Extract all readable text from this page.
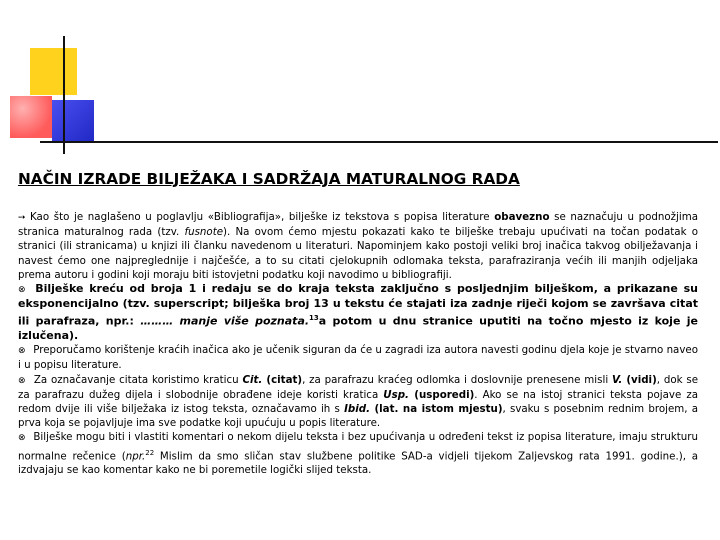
NAČIN IZRADE BILJEŽAKA I SADRŽAJA MATURALNOG RADA

➙ Kao što je naglašeno u poglavlju «Bibliografija», bilješke iz tekstova s popisa literature obavezno se naznačuju u podnožjima stranica maturalnog rada (tzv. fusnote). Na ovom ćemo mjestu pokazati kako te bilješke trebaju upućivati na točan podatak o stranici (ili stranicama) u knjizi ili članku navedenom u literaturi. Napominjem kako postoji veliki broj inačica takvog obilježavanja i navest ćemo one najpreglednije i najčešće, a to su citati cjelokupnih odlomaka teksta, parafraziranja većih ili manjih odjeljaka prema autoru i godini koji moraju biti istovjetni podatku koji navodimo u bibliografiji.

⊗ Bilješke kreću od broja 1 i redaju se do kraja teksta zaključno s posljednjim bilješkom, a prikazane su eksponencijalno (tzv. superscript; bilješka broj 13 u tekstu će stajati iza zadnje riječi kojom se završava citat ili parafraza, npr.: ……… manje više poznata.$^{13}$a potom u dnu stranice uputiti na točno mjesto iz koje je izlučena).

⊗ Preporučamo korištenje kraćih inačica ako je učenik siguran da će u zagradi iza autora navesti godinu djela koje je stvarno naveo i u popisu literature.

⊗ Za označavanje citata koristimo kraticu Cit. (citat), za parafrazu kraćeg odlomka i doslovnije prenesene misli V. (vidi), dok se za parafrazu dužeg dijela i slobodnije obrađene ideje koristi kratica Usp. (usporedi). Ako se na istoj stranici teksta pojave za redom dvije ili više bilježaka iz istog teksta, označavamo ih s Ibid. (lat. na istom mjestu), svaku s posebnim rednim brojem, a prva koja se pojavljuje ima sve podatke koji upućuju u popis literature.

⊗ Bilješke mogu biti i vlastiti komentari o nekom dijelu teksta i bez upućivanja u određeni tekst iz popisa literature, imaju strukturu normalne rečenice (npr.$^{22}$ Mislim da smo sličan stav službene politike SAD-a vidjeli tijekom Zaljevskog rata 1991. godine.), a izdvajaju se kao komentar kako ne bi poremetile logički slijed teksta.
